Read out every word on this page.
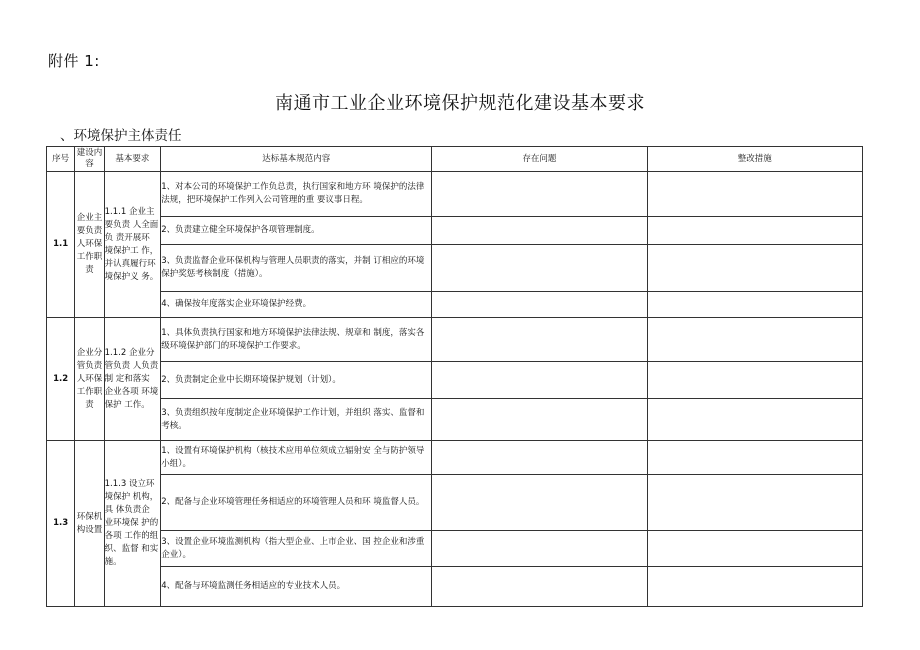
附件 1:
南通市工业企业环境保护规范化建设基本要求
、环境保护主体责任
序号	建设内容	基本要求	达标基本规范内容	存在问题	整改措施
1.1	企业主要负责人环保工作职责	1.1.1 企业主要负责 人全面负 责开展环 境保护工 作，并认真履行环 境保护义 务。	1、对本公司的环境保护工作负总责，执行国家和地方环 境保护的法律法规，把环境保护工作列入公司管理的重 要议事日程。		
			2、负责建立健全环境保护各项管理制度。		
			3、负责监督企业环保机构与管理人员职责的落实，并制 订相应的环境保护奖惩考核制度（措施）。		
			4、确保按年度落实企业环境保护经费。		
1.2	企业分管负责人环保工作职责	1.1.2 企业分管负责 人负责制 定和落实 企业各项 环境保护 工作。	1、具体负责执行国家和地方环境保护法律法规、规章和 制度，落实各级环境保护部门的环境保护工作要求。		
			2、负责制定企业中长期环境保护规划（计划）。		
			3、负责组织按年度制定企业环境保护工作计划，并组织 落实、监督和考核。		
1.3	环保机构设置	1.1.3 设立环境保护 机构，具 体负责企 业环境保 护的各项 工作的组 织、监督 和实施。	1、设置有环境保护机构（核技术应用单位须成立辐射安 全与防护领导小组）。		
			2、配备与企业环境管理任务相适应的环境管理人员和环 境监督人员。		
			3、设置企业环境监测机构（指大型企业、上市企业、国 控企业和涉重企业）。		
			4、配备与环境监测任务相适应的专业技术人员。		
